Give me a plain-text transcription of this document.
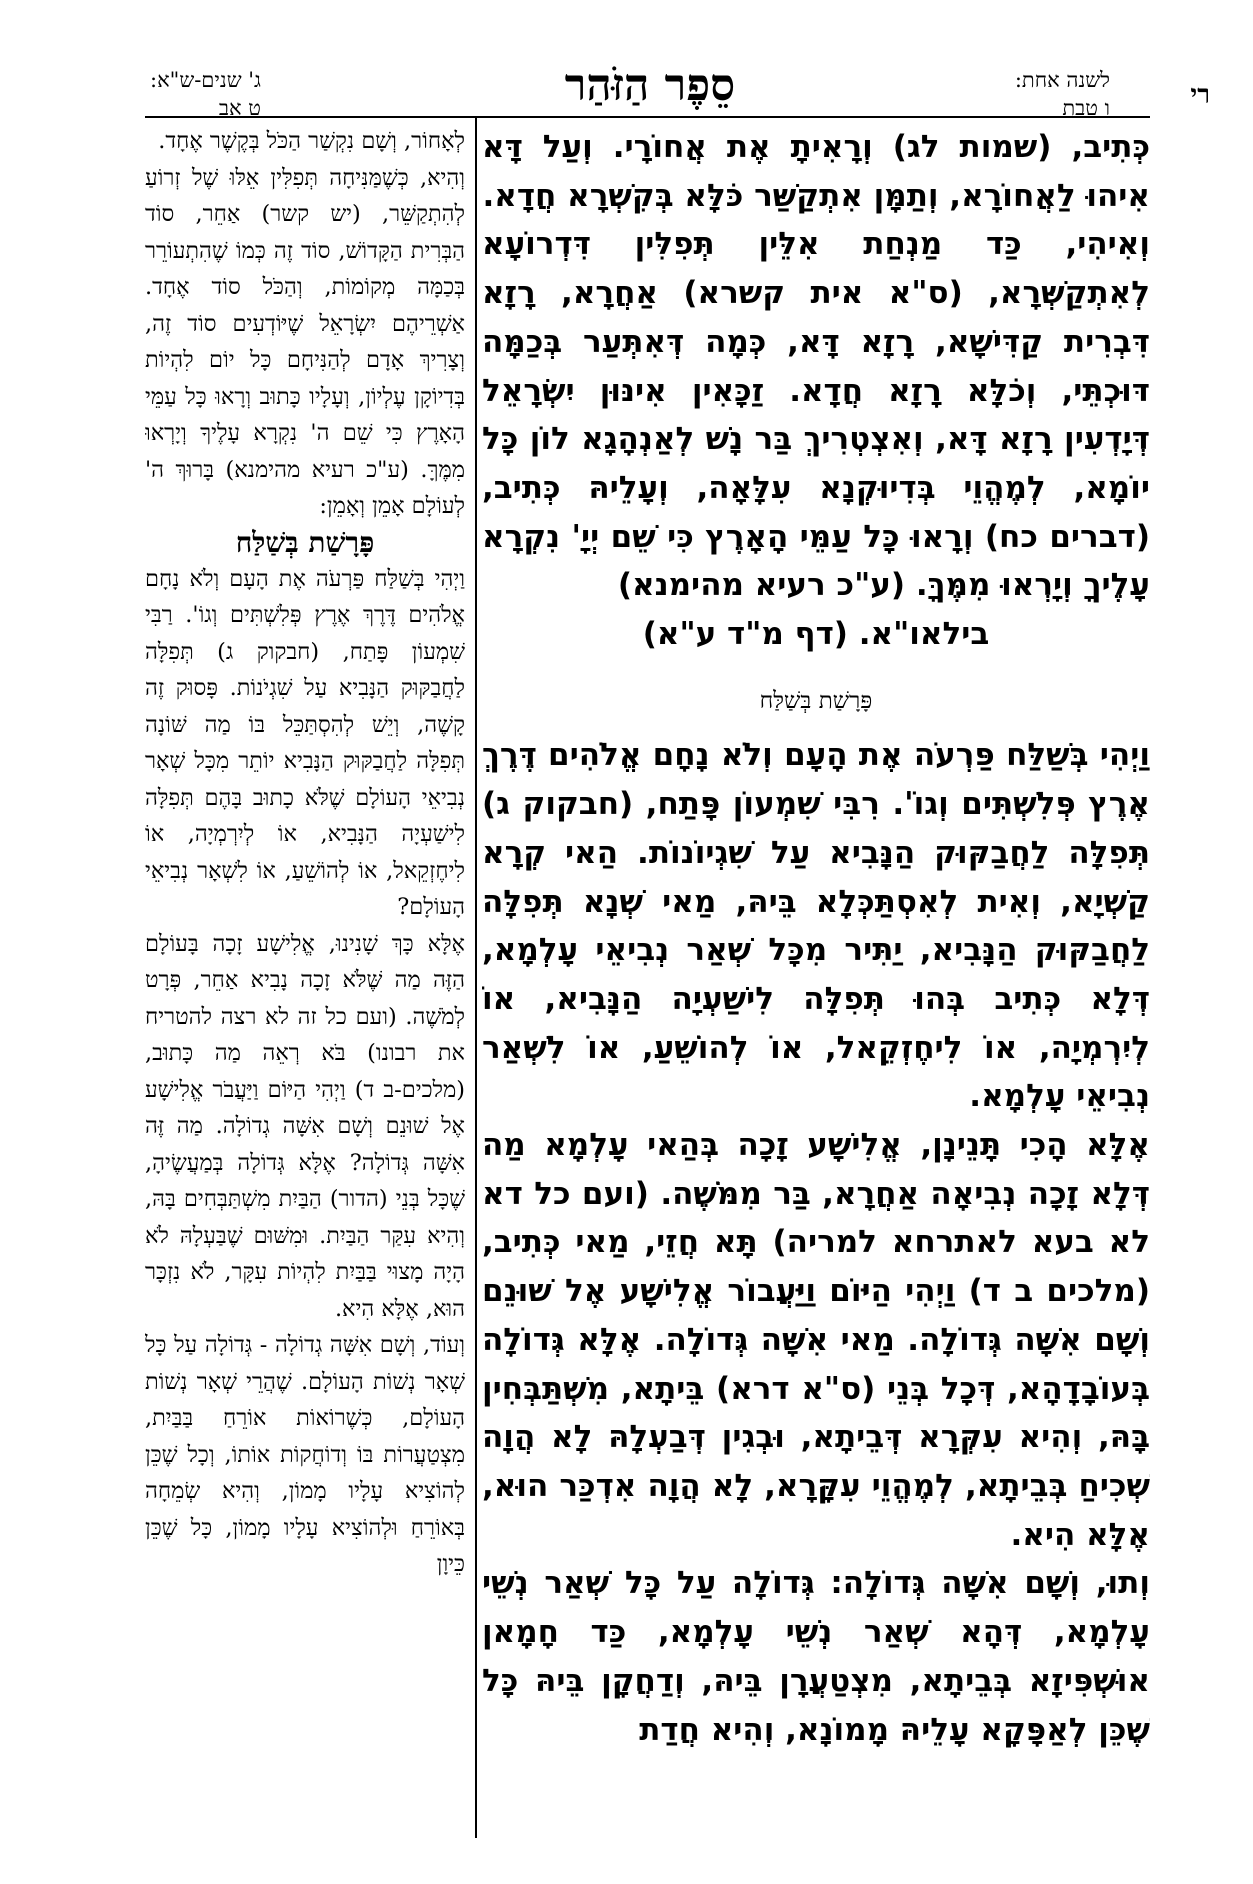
רי
לשנה אחת:
ו טבת
סֵפֶר הַזֹּהַר
ג' שנים-ש"א:
ט אב

כְּתִיב, (שמות לג) וְרָאִיתָ אֶת אֲחוֹרָי. וְעַל דָּא אִיהוּ לַאֲחוֹרָא, וְתַמָּן אִתְקַשַּׁר כֹּלָּא בְּקִשְׁרָא חֲדָא.

וְאִיהִי, כַּד מַנְחַת אִלֵּין תְּפִלִּין דִּדְרוֹעָא לְאִתְקַשְּׁרָא, (ס"א אית קשרא) אַחֲרָא, רָזָא דִּבְרִית קַדִּישָׁא, רָזָא דָּא, כְּמָה דְּאִתְּעַר בְּכַמָּה דּוּכְתֵּי, וְכֹלָּא רָזָא חֲדָא. זַכָּאִין אִינּוּן יִשְׂרָאֵל דְּיָדְעִין רָזָא דָּא, וְאִצְטְרִיךְ בַּר נָשׁ לְאַנְהָגָא לוֹן כָּל יוֹמָא, לְמֶהֱוֵי בְּדִיוּקְנָא עִלָּאָה, וְעָלֵיהּ כְּתִיב, (דברים כח) וְרָאוּ כָּל עַמֵּי הָאָרֶץ כִּי שֵׁם יְיָ' נִקְרָא עָלֶיךָ וְיָרְאוּ מִמֶּךָּ. (ע"כ רעיא מהימנא)

בילאו"א. (דף מ"ד ע"א)

פָּרָשַׁת בְּשַׁלַּח

וַיְהִי בְּשַׁלַּח פַּרְעֹה אֶת הָעָם וְלֹא נָחָם אֱלֹהִים דֶּרֶךְ אֶרֶץ פְּלִשְׁתִּים וְגוֹ'. רִבִּי שִׁמְעוֹן פָּתַח, (חבקוק ג) תְּפִלָּה לַחֲבַקּוּק הַנָּבִיא עַל שִׁגְיוֹנוֹת. הַאי קְרָא קַשְׁיָא, וְאִית לְאִסְתַּכְּלָא בֵּיהּ, מַאי שְׁנָא תְּפִלָּה לַחֲבַקּוּק הַנָּבִיא, יַתִּיר מִכָּל שְׁאַר נְבִיאֵי עָלְמָא, דְּלָא כְּתִיב בְּהוּ תְּפִלָּה לִישַׁעְיָה הַנָּבִיא, אוֹ לְיִרְמְיָה, אוֹ לִיחֶזְקֵאל, אוֹ לְהוֹשֵׁעַ, אוֹ לִשְׁאַר נְבִיאֵי עָלְמָא.

אֶלָּא הָכִי תָּנֵינָן, אֱלִישָׁע זָכָה בְּהַאי עָלְמָא מַה דְּלָא זָכָה נְבִיאָה אַחֲרָא, בַּר מִמֹּשֶׁה. (ועם כל דא לא בעא לאתרחא למריה) תָּא חֲזֵי, מַאי כְּתִיב, (מלכים ב ד) וַיְהִי הַיּוֹם וַיַּעֲבוֹר אֱלִישָׁע אֶל שׁוּנֵם וְשָׁם אִשָּׁה גְּדוֹלָה. מַאי אִשָּׁה גְּדוֹלָה. אֶלָּא גְּדוֹלָה בְּעוֹבָדָהָא, דְּכָל בְּנֵי (ס"א דרא) בֵּיתָא, מִשְׁתַּבְּחִין בָּהּ, וְהִיא עִקְּרָא דְּבֵיתָא, וּבְגִין דְּבַעְלָהּ לָא הֲוָה שְׁכִיחַ בְּבֵיתָא, לְמֶהֱוֵי עִקָּרָא, לָא הֲוָה אִדְכַּר הוּא, אֶלָּא הִיא.

וְתוּ, וְשָׁם אִשָּׁה גְּדוֹלָה: גְּדוֹלָה עַל כָּל שְׁאַר נְשֵׁי עָלְמָא, דְּהָא שְׁאַר נְשֵׁי עָלְמָא, כַּד חָמָאן אוּשְׁפִּיזָא בְּבֵיתָא, מִצְטַעֲרָן בֵּיהּ, וְדַחֲקָן בֵּיהּ כָּל שֶׁכֵּן לְאַפָּקָא עָלֵיהּ מָמוֹנָא, וְהִיא חֲדַת

לְאָחוֹר, וְשָׁם נִקְשַׁר הַכֹּל בְּקֶשֶׁר אֶחָד.

וְהִיא, כְּשֶׁמַּנִּיחָה תְּפִלִּין אֵלּוּ שֶׁל זְרוֹעַ לְהִתְקַשֵּׁר, (יש קשר) אַחֵר, סוֹד הַבְּרִית הַקָּדוֹשׁ, סוֹד זֶה כְּמוֹ שֶׁהִתְעוֹרֵר בְּכַמָּה מְקוֹמוֹת, וְהַכֹּל סוֹד אֶחָד. אַשְׁרֵיהֶם יִשְׂרָאֵל שֶׁיּוֹדְעִים סוֹד זֶה, וְצָרִיךְ אָדָם לְהַנִּיחָם כָּל יוֹם לִהְיוֹת בְּדִיוֹקָן עֶלְיוֹן, וְעָלָיו כָּתוּב וְרָאוּ כָּל עַמֵּי הָאָרֶץ כִּי שֵׁם ה' נִקְרָא עָלֶיךָ וְיָרְאוּ מִמֶּךָּ. (ע"כ רעיא מהימנא) בָּרוּךְ ה' לְעוֹלָם אָמֵן וְאָמֵן:

פָּרָשַׁת בְּשַׁלַּח

וַיְהִי בְּשַׁלַּח פַּרְעֹה אֶת הָעָם וְלֹא נָחָם אֱלֹהִים דֶּרֶךְ אֶרֶץ פְּלִשְׁתִּים וְגוֹ'. רַבִּי שִׁמְעוֹן פָּתַח, (חבקוק ג) תְּפִלָּה לַחֲבַקּוּק הַנָּבִיא עַל שִׁגְיֹנוֹת. פָּסוּק זֶה קָשֶׁה, וְיֵשׁ לְהִסְתַּכֵּל בּוֹ מַה שּׁוֹנָה תְּפִלָּה לַחֲבַקּוּק הַנָּבִיא יוֹתֵר מִכָּל שְׁאָר נְבִיאֵי הָעוֹלָם שֶׁלֹּא כָתוּב בָּהֶם תְּפִלָּה לִישַׁעְיָה הַנָּבִיא, אוֹ לְיִרְמְיָה, אוֹ לִיחֶזְקֵאל, אוֹ לְהוֹשֵׁעַ, אוֹ לִשְׁאָר נְבִיאֵי הָעוֹלָם?

אֶלָּא כָּךְ שָׁנִינוּ, אֱלִישָׁע זָכָה בָּעוֹלָם הַזֶּה מַה שֶּׁלֹּא זָכָה נָבִיא אַחֵר, פְּרָט לְמֹשֶׁה. (ועם כל זה לא רצה להטריח את רבונו) בֹּא רְאֵה מַה כָּתוּב, (מלכים-ב ד) וַיְהִי הַיּוֹם וַיַּעֲבֹר אֱלִישָׁע אֶל שׁוּנֵם וְשָׁם אִשָּׁה גְדוֹלָה. מַה זֶּה אִשָּׁה גְּדוֹלָה? אֶלָּא גְּדוֹלָה בְּמַעֲשֶׂיהָ, שֶׁכָּל בְּנֵי (הדור) הַבַּיִת מִשְׁתַּבְּחִים בָּהּ, וְהִיא עִקַּר הַבַּיִת. וּמִשּׁוּם שֶׁבַּעְלָהּ לֹא הָיָה מָצוּי בַּבַּיִת לִהְיוֹת עִקָּר, לֹא נִזְכָּר הוּא, אֶלָּא הִיא.

וְעוֹד, וְשָׁם אִשָּׁה גְדוֹלָה - גְּדוֹלָה עַל כָּל שְׁאָר נְשׁוֹת הָעוֹלָם. שֶׁהֲרֵי שְׁאָר נְשׁוֹת הָעוֹלָם, כְּשֶׁרוֹאוֹת אוֹרֵחַ בַּבַּיִת, מִצְטַעֲרוֹת בּוֹ וְדוֹחֲקוֹת אוֹתוֹ, וְכָל שֶׁכֵּן לְהוֹצִיא עָלָיו מָמוֹן, וְהִיא שְׂמֵחָה בְּאוֹרֵחַ וּלְהוֹצִיא עָלָיו מָמוֹן, כָּל שֶׁכֵּן כֵּיוָן
